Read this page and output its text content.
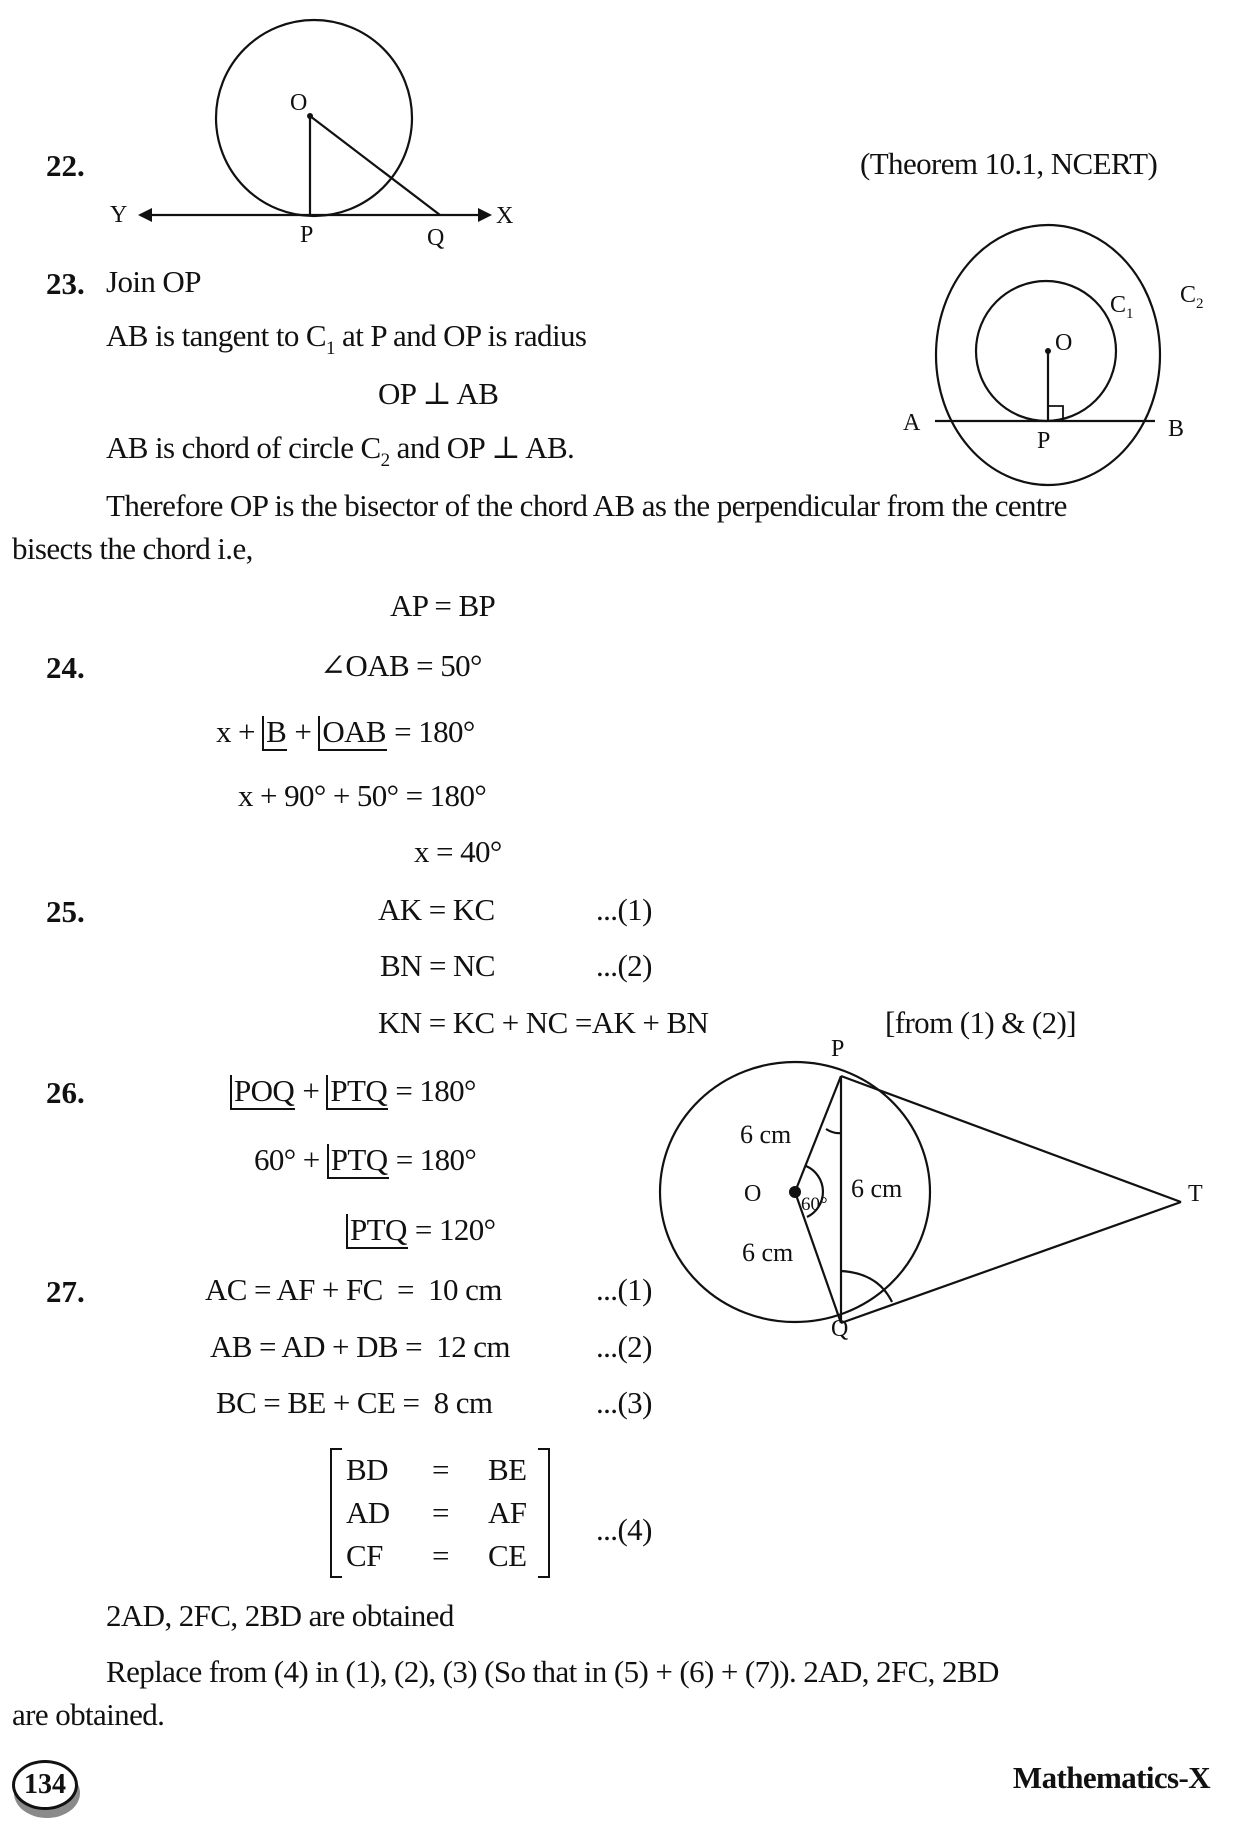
22.	(Theorem 10.1, NCERT)
O
P	Q
Y	X
23. Join OP
AB is tangent to $C_1$ at P and OP is radius
OP ⊥ AB
AB is chord of circle $C_2$ and OP ⊥ AB.
Therefore OP is the bisector of the chord AB as the perpendicular from the centre
bisects the chord i.e,
AP = BP
O
A	B
P
$C_1$
$C_2$
24.	∠OAB = 50°
x + B + OAB = 180°
x + 90° + 50° = 180°
x = 40°
25.	AK = KC	...(1)
BN = NC	...(2)
KN = KC + NC =AK + BN	[from (1) & (2)]
26.	POQ + PTQ = 180°
60° + PTQ = 180°
PTQ = 120°
P
Q
O	T
6 cm
6 cm
6 cm
60°
27.	AC = AF + FC  =  10 cm	...(1)
AB = AD + DB =  12 cm	...(2)
BC = BE + CE =  8 cm	...(3)
BD = BE
AD = AF
CF = CE
...(4)
2AD, 2FC, 2BD are obtained
Replace from (4) in (1), (2), (3) (So that in (5) + (6) + (7)). 2AD, 2FC, 2BD
are obtained.
134	Mathematics-X
